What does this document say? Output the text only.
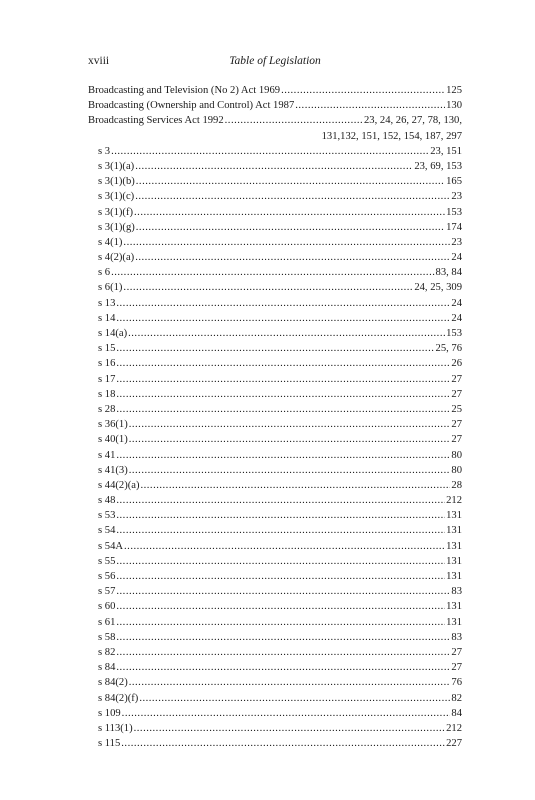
xviii	Table of Legislation
Broadcasting and Television (No 2) Act 1969 .....	125
Broadcasting (Ownership and Control) Act 1987 .....	130
Broadcasting Services Act 1992 .....	23, 24, 26, 27, 78, 130,
131,132, 151, 152, 154, 187, 297
s 3 .....	23, 151
s 3(1)(a) .....	23, 69, 153
s 3(1)(b) .....	165
s 3(1)(c) .....	23
s 3(1)(f) .....	153
s 3(1)(g) .....	174
s 4(1) .....	23
s 4(2)(a) .....	24
s 6 .....	83, 84
s 6(1) .....	24, 25, 309
s 13 .....	24
s 14 .....	24
s 14(a) .....	153
s 15 .....	25, 76
s 16 .....	26
s 17 .....	27
s 18 .....	27
s 28 .....	25
s 36(1) .....	27
s 40(1) .....	27
s 41 .....	80
s 41(3) .....	80
s 44(2)(a) .....	28
s 48 .....	212
s 53 .....	131
s 54 .....	131
s 54A .....	131
s 55 .....	131
s 56 .....	131
s 57 .....	83
s 60 .....	131
s 61 .....	131
s 58 .....	83
s 82 .....	27
s 84 .....	27
s 84(2) .....	76
s 84(2)(f) .....	82
s 109 .....	84
s 113(1) .....	212
s 115 .....	227
